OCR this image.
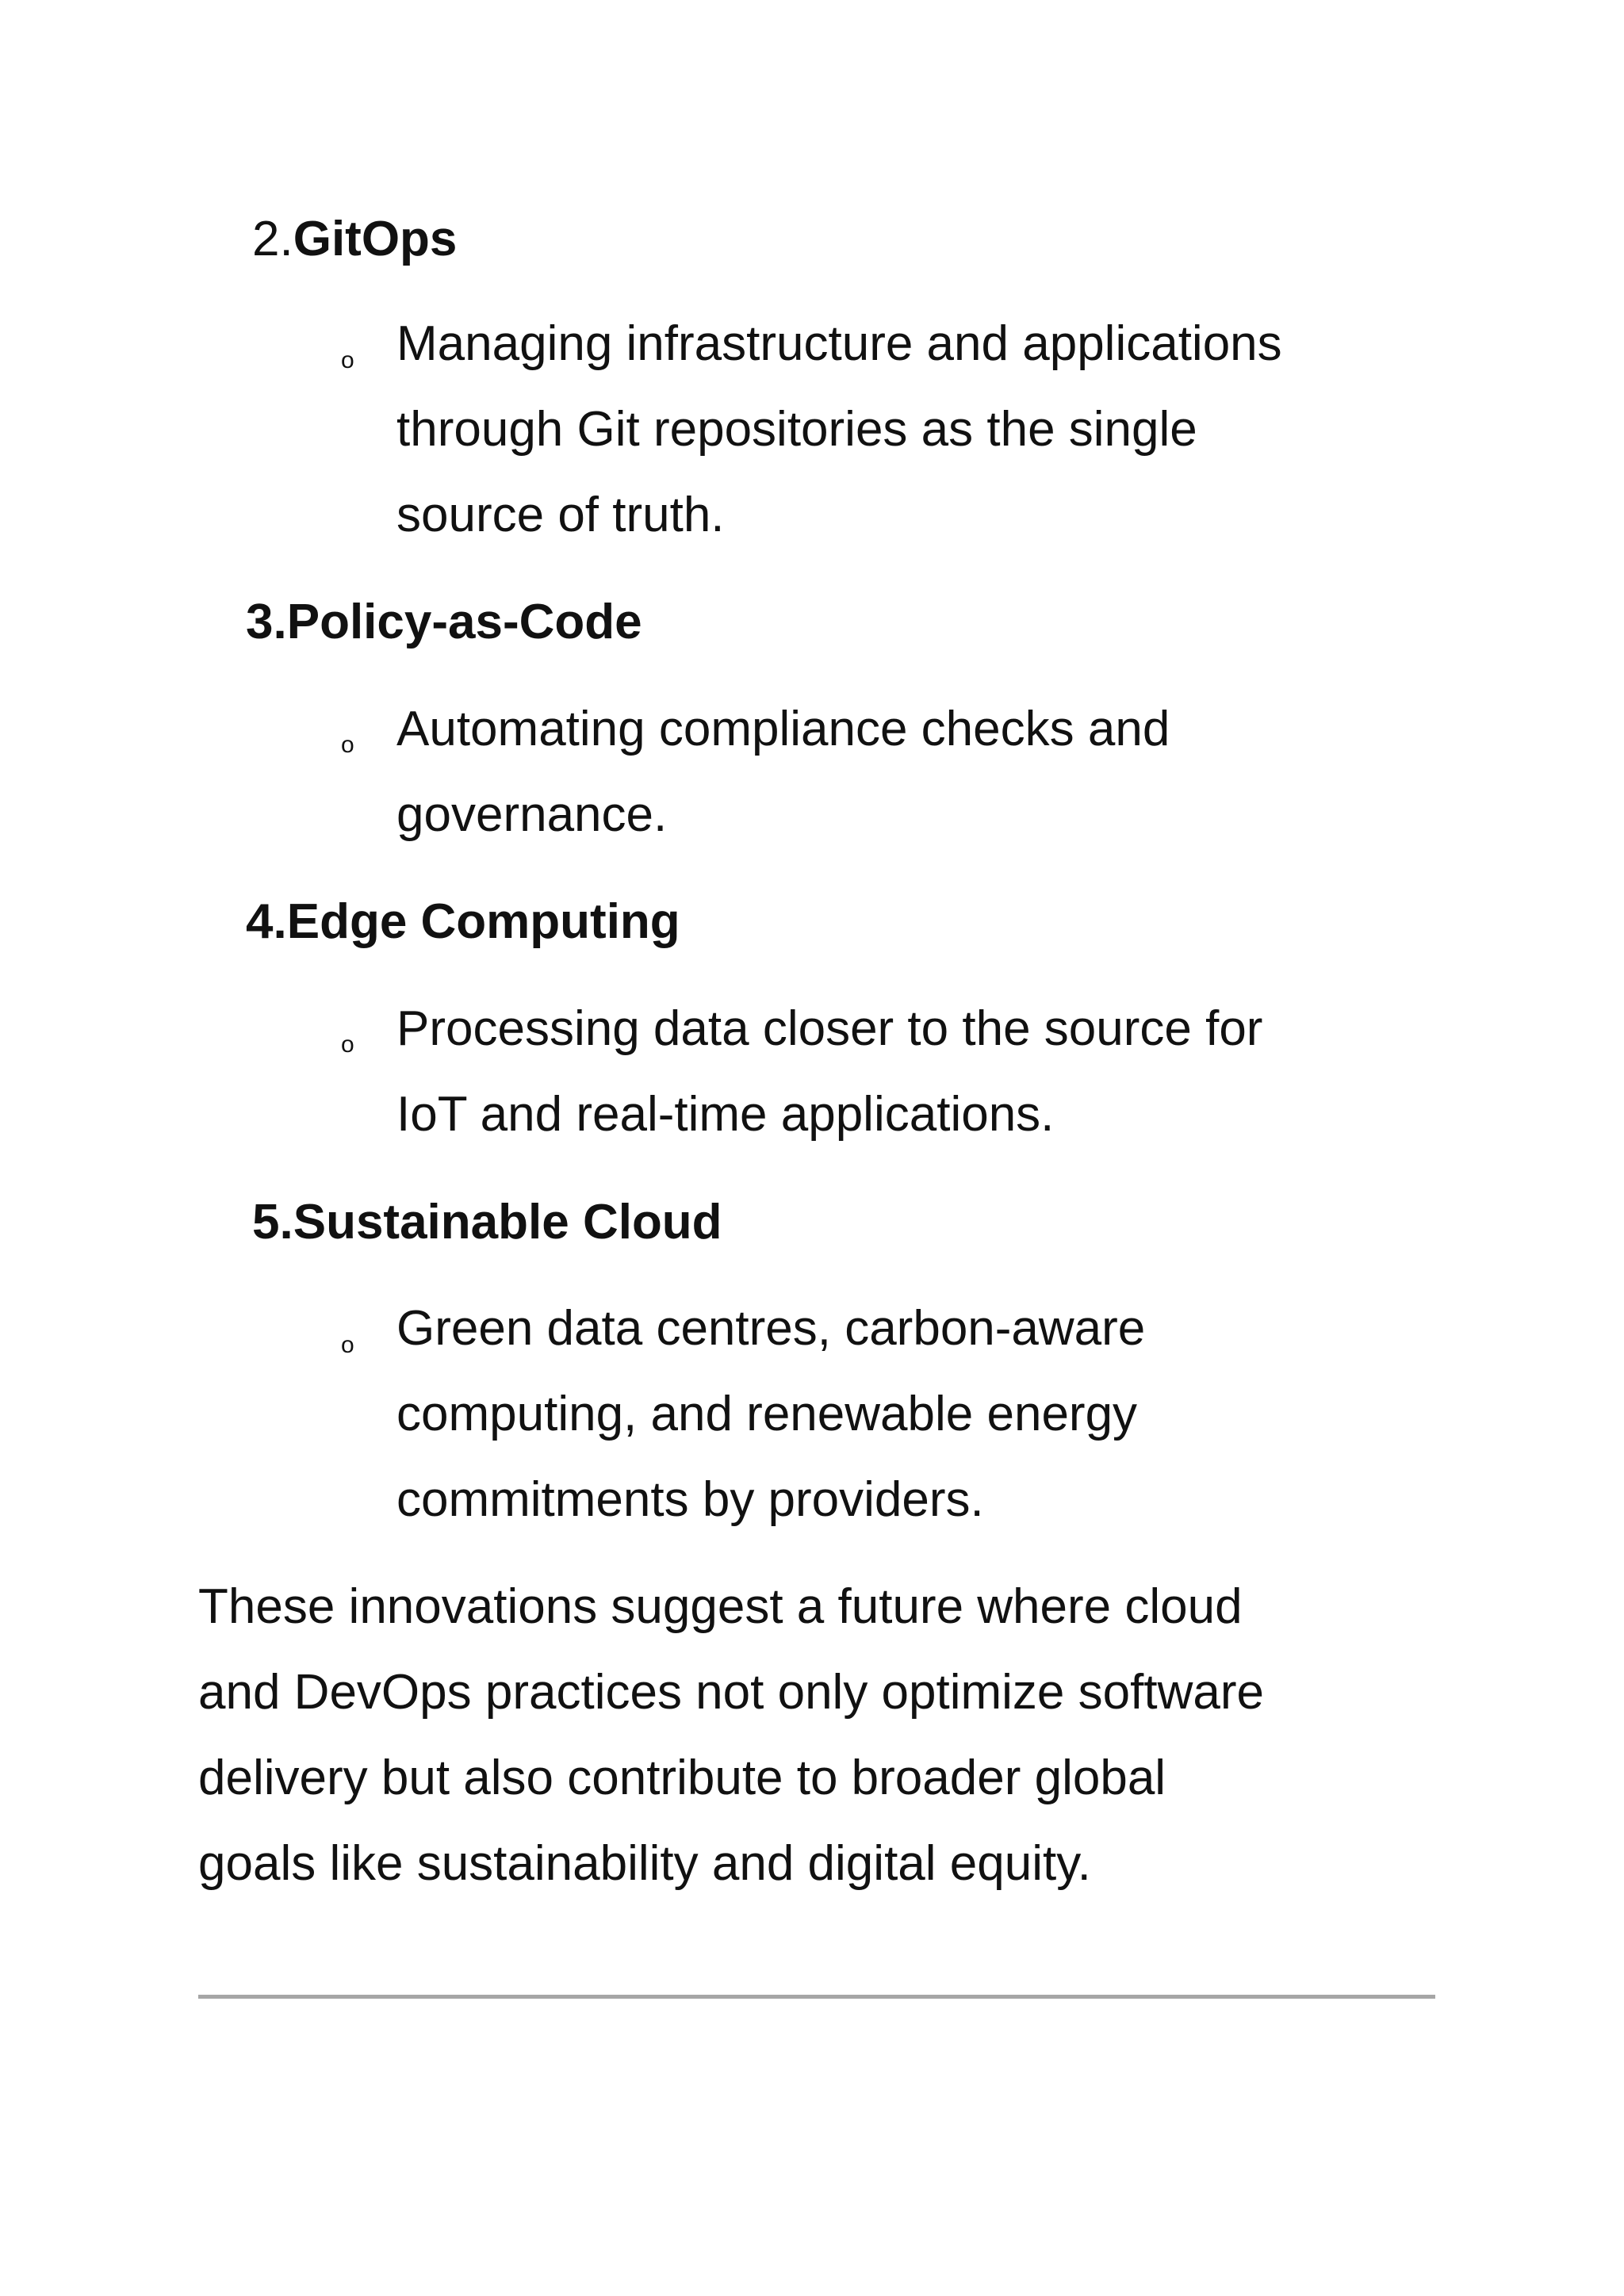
2.GitOps
o Managing infrastructure and applications
through Git repositories as the single
source of truth.
3.Policy-as-Code
o Automating compliance checks and
governance.
4.Edge Computing
o Processing data closer to the source for
IoT and real-time applications.
5.Sustainable Cloud
o Green data centres, carbon-aware
computing, and renewable energy
commitments by providers.
These innovations suggest a future where cloud
and DevOps practices not only optimize software
delivery but also contribute to broader global
goals like sustainability and digital equity.
